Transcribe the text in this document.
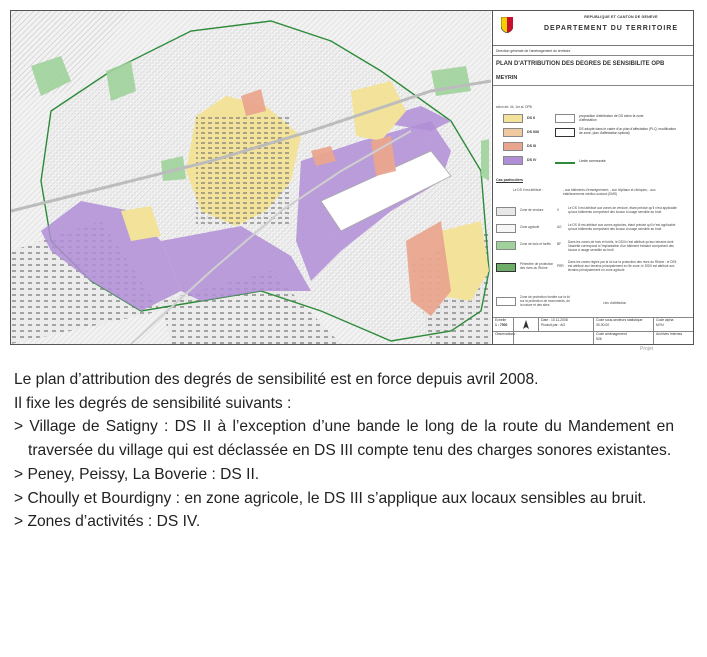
REPUBLIQUE ET CANTON DE GENEVE
DEPARTEMENT DU TERRITOIRE
Direction générale de l'aménagement du territoire
PLAN D'ATTRIBUTION DES DEGRES DE SENSIBILITE OPB
MEYRIN
selon art. 44, 1er al. OPB
DS II
DS II/III
DS III
DS IV
proposition d'attribution de DS selon la zone d'affectation
DS adopté dans le cadre d'un plan d'affectation (PLQ, modification de zone, plan d'affectation spécial)
Limite communale
Cas particuliers
Le DS II est attribué :	- aux bâtiments d'enseignement; - aux hôpitaux et cliniques; - aux établissements médico-sociaux (EMS)
Zone de verdure	V	Le DS II est attribué aux zones de verdure, étant précisé qu'il n'est applicable qu'aux bâtiments comportant des locaux à usage sensible au bruit
Zone agricole	AG Le DS III est attribué aux zones agricoles, étant précisé qu'il n'est applicable qu'aux bâtiments comportant des locaux à usage sensible au bruit
Zone de bois et forêts	BF Dans les zones de bois et forêts, le DSIII n'est attribué qu'aux terrains dont l'assiette correspond à l'implantation d'un bâtiment existant comportant des locaux à usage sensible au bruit
Périmètre de protection des rives du Rhône	PRR
Dans les zones régies par la loi sur la protection des rives du Rhône : le DSII est attribué aux terrains principalement en 5e zone; le DSIII est attribué aux terrains principalement en zone agricole
Zone de protection fondée sur la loi sur la protection de monuments, de la nature et des sites	Lieu d'attribution
Echelle
1 : 7500
Date : 10.11.2008
Produit par : AG
Code sous-secteurs statistique
30.00.00
Code alpha
MYN
Observations :	Code aménagement
526
Archives Internes
Projet

Le plan d’attribution des degrés de sensibilité est en force depuis avril 2008.

Il fixe les degrés de sensibilité suivants :

> Village de Satigny : DS II à l’exception d’une bande le long de la route du Mandement en traversée du village qui est déclassée en DS III compte tenu des charges sonores existantes.

> Peney, Peissy, La Boverie : DS II.

> Choully et Bourdigny : en zone agricole, le DS III s’applique aux locaux sensibles au bruit.

> Zones d’activités : DS IV.
